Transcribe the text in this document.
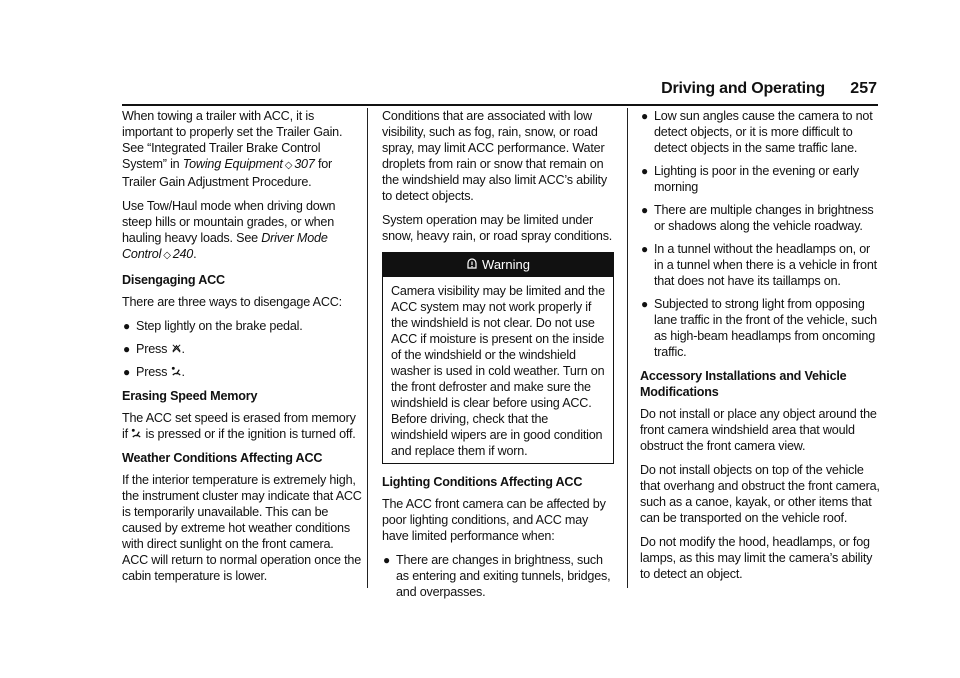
Driving and Operating 257

When towing a trailer with ACC, it is important to properly set the Trailer Gain. See “Integrated Trailer Brake Control System” in Towing Equipment ◇ 307 for Trailer Gain Adjustment Procedure.

Use Tow/Haul mode when driving down steep hills or mountain grades, or when hauling heavy loads. See Driver Mode Control ◇ 240.

Disengaging ACC

There are three ways to disengage ACC:

● Step lightly on the brake pedal.
● Press .
● Press .

Erasing Speed Memory

The ACC set speed is erased from memory if  is pressed or if the ignition is turned off.

Weather Conditions Affecting ACC

If the interior temperature is extremely high, the instrument cluster may indicate that ACC is temporarily unavailable. This can be caused by extreme hot weather conditions with direct sunlight on the front camera. ACC will return to normal operation once the cabin temperature is lower.

Conditions that are associated with low visibility, such as fog, rain, snow, or road spray, may limit ACC performance. Water droplets from rain or snow that remain on the windshield may also limit ACC’s ability to detect objects.

System operation may be limited under snow, heavy rain, or road spray conditions.

Warning

Camera visibility may be limited and the ACC system may not work properly if the windshield is not clear. Do not use ACC if moisture is present on the inside of the windshield or the windshield washer is used in cold weather. Turn on the front defroster and make sure the windshield is clear before using ACC. Before driving, check that the windshield wipers are in good condition and replace them if worn.

Lighting Conditions Affecting ACC

The ACC front camera can be affected by poor lighting conditions, and ACC may have limited performance when:

● There are changes in brightness, such as entering and exiting tunnels, bridges, and overpasses.
● Low sun angles cause the camera to not detect objects, or it is more difficult to detect objects in the same traffic lane.
● Lighting is poor in the evening or early morning
● There are multiple changes in brightness or shadows along the vehicle roadway.
● In a tunnel without the headlamps on, or in a tunnel when there is a vehicle in front that does not have its taillamps on.
● Subjected to strong light from opposing lane traffic in the front of the vehicle, such as high-beam headlamps from oncoming traffic.

Accessory Installations and Vehicle Modifications

Do not install or place any object around the front camera windshield area that would obstruct the front camera view.

Do not install objects on top of the vehicle that overhang and obstruct the front camera, such as a canoe, kayak, or other items that can be transported on the vehicle roof.

Do not modify the hood, headlamps, or fog lamps, as this may limit the camera’s ability to detect an object.
